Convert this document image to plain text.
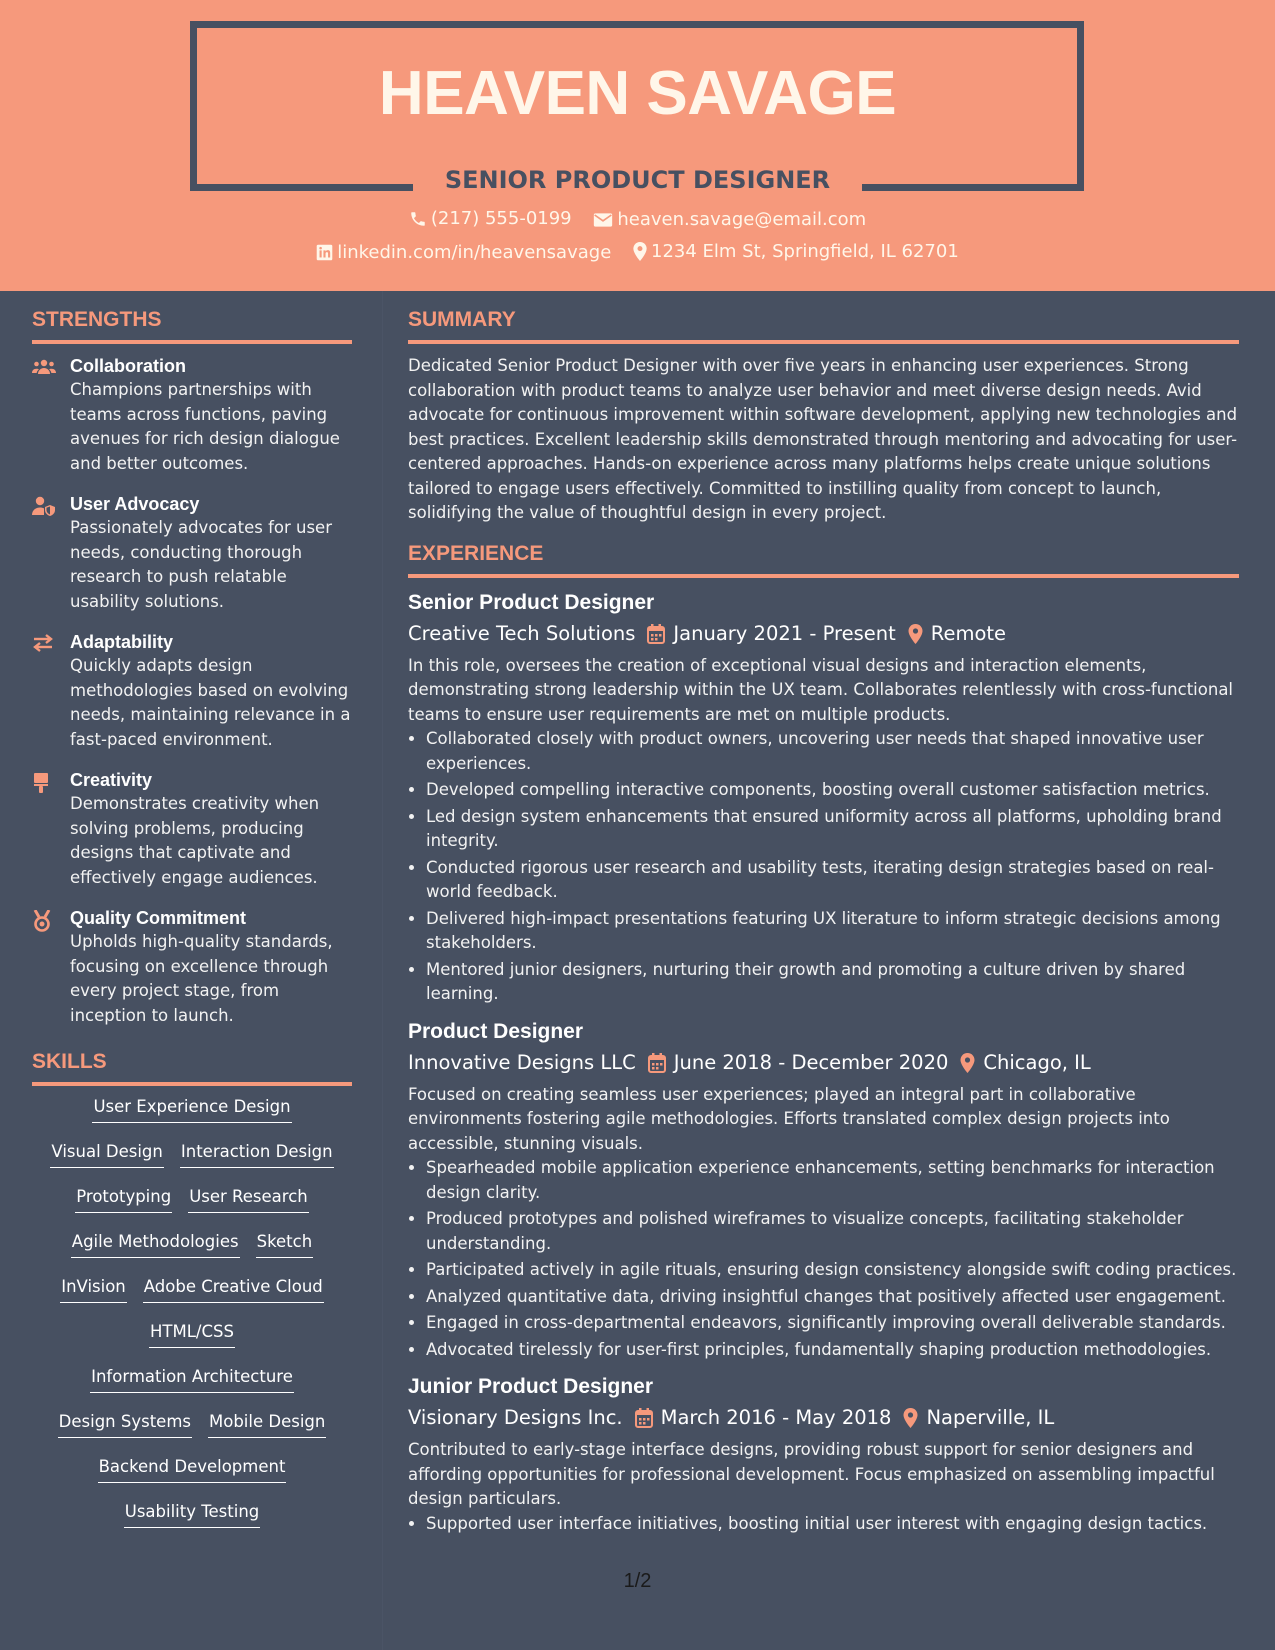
HEAVEN SAVAGE
SENIOR PRODUCT DESIGNER
(217) 555-0199
	heaven.savage@email.com
linkedin.com/in/heavensavage
1234 Elm St, Springfield, IL 62701
STRENGTHS
Collaboration
Champions partnerships with teams across functions, paving avenues for rich design dialogue and better outcomes.
User Advocacy
Passionately advocates for user needs, conducting thorough research to push relatable usability solutions.
Adaptability
Quickly adapts design methodologies based on evolving needs, maintaining relevance in a fast-paced environment.
Creativity
Demonstrates creativity when solving problems, producing designs that captivate and effectively engage audiences.
Quality Commitment
Upholds high-quality standards, focusing on excellence through every project stage, from inception to launch.
SKILLS
User Experience Design
Visual Design Interaction Design
Prototyping User Research
Agile Methodologies Sketch
InVision Adobe Creative Cloud
HTML/CSS
Information Architecture
Design Systems Mobile Design
Backend Development
Usability Testing
SUMMARY
Dedicated Senior Product Designer with over five years in enhancing user experiences. Strong collaboration with product teams to analyze user behavior and meet diverse design needs. Avid advocate for continuous improvement within software development, applying new technologies and best practices. Excellent leadership skills demonstrated through mentoring and advocating for user-centered approaches. Hands-on experience across many platforms helps create unique solutions tailored to engage users effectively. Committed to instilling quality from concept to launch, solidifying the value of thoughtful design in every project.
EXPERIENCE
Senior Product Designer
Creative Tech Solutions January 2021 - Present Remote
In this role, oversees the creation of exceptional visual designs and interaction elements, demonstrating strong leadership within the UX team. Collaborates relentlessly with cross-functional teams to ensure user requirements are met on multiple products.
• Collaborated closely with product owners, uncovering user needs that shaped innovative user experiences.
• Developed compelling interactive components, boosting overall customer satisfaction metrics.
• Led design system enhancements that ensured uniformity across all platforms, upholding brand integrity.
• Conducted rigorous user research and usability tests, iterating design strategies based on real-world feedback.
• Delivered high-impact presentations featuring UX literature to inform strategic decisions among stakeholders.
• Mentored junior designers, nurturing their growth and promoting a culture driven by shared learning.
Product Designer
Innovative Designs LLC June 2018 - December 2020 Chicago, IL
Focused on creating seamless user experiences; played an integral part in collaborative environments fostering agile methodologies. Efforts translated complex design projects into accessible, stunning visuals.
• Spearheaded mobile application experience enhancements, setting benchmarks for interaction design clarity.
• Produced prototypes and polished wireframes to visualize concepts, facilitating stakeholder understanding.
• Participated actively in agile rituals, ensuring design consistency alongside swift coding practices.
• Analyzed quantitative data, driving insightful changes that positively affected user engagement.
• Engaged in cross-departmental endeavors, significantly improving overall deliverable standards.
• Advocated tirelessly for user-first principles, fundamentally shaping production methodologies.
Junior Product Designer
Visionary Designs Inc. March 2016 - May 2018 Naperville, IL
Contributed to early-stage interface designs, providing robust support for senior designers and affording opportunities for professional development. Focus emphasized on assembling impactful design particulars.
• Supported user interface initiatives, boosting initial user interest with engaging design tactics.
1/2
